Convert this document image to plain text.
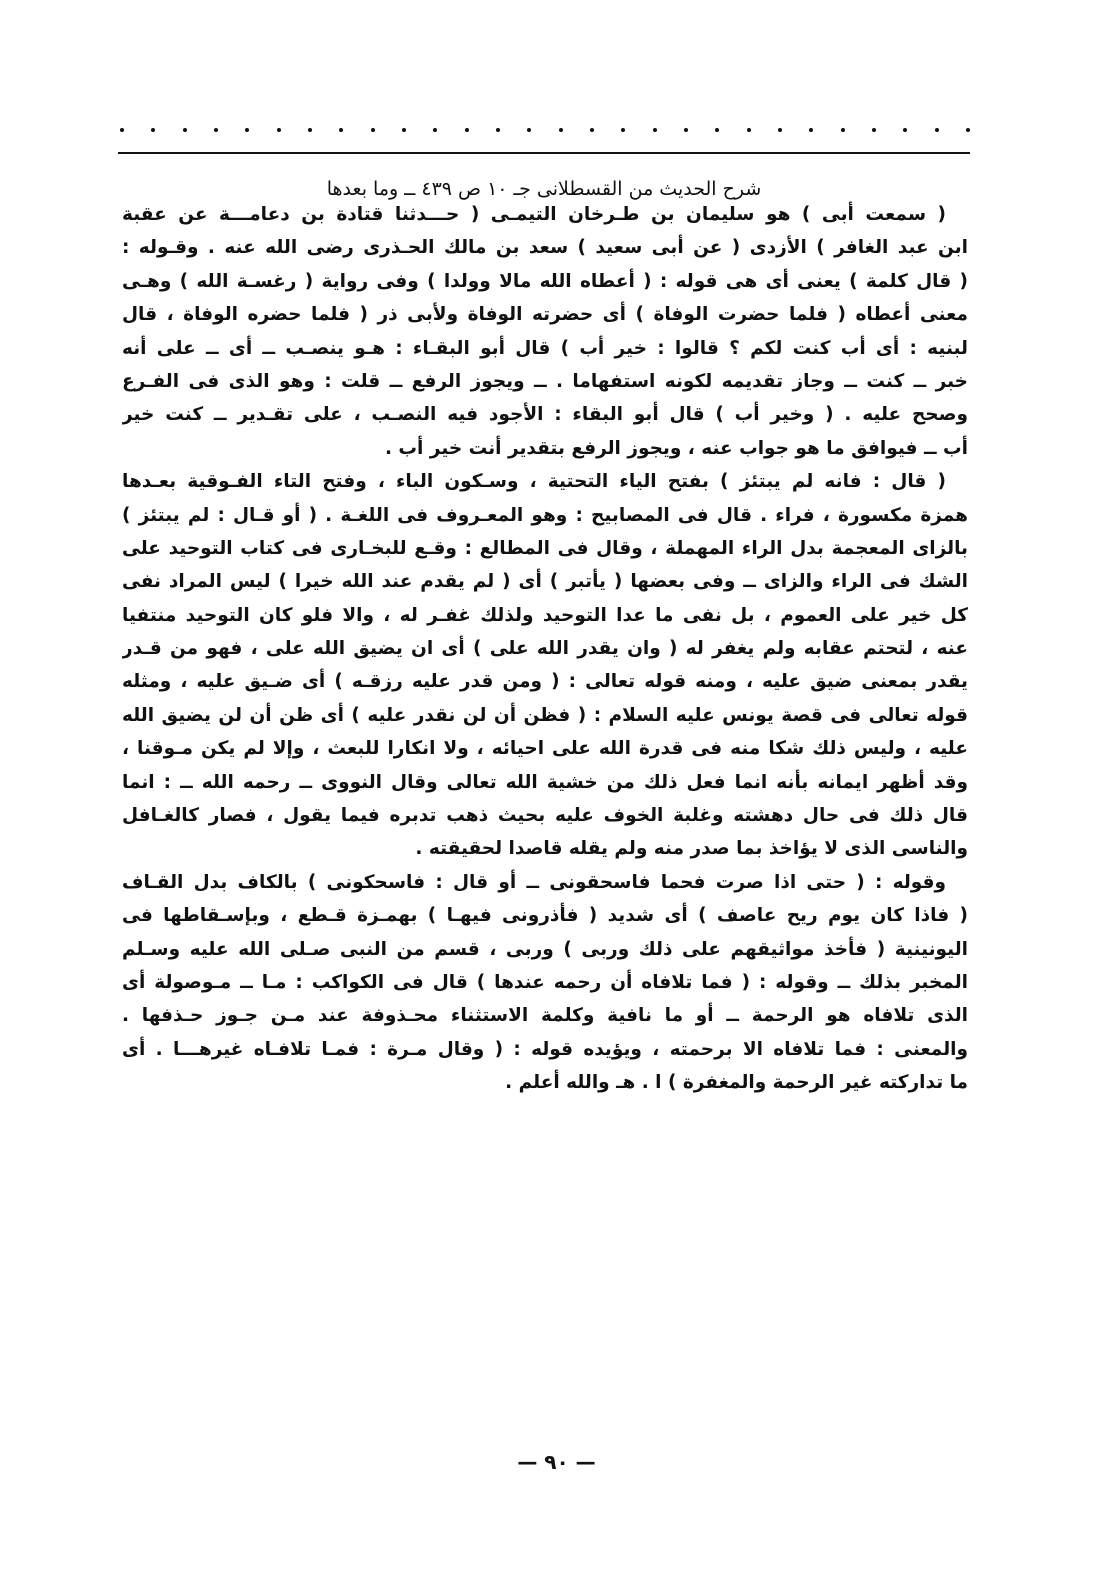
شرح الحديث من القسطلانى جـ ١٠ ص ٤٣٩ ــ وما بعدها
( سمعت أبى ) هو سليمان بن طـرخان التيمـى ( حـــدثنا قتادة بن دعامـــة عن عقبة
ابن عبد الغافر ) الأزدى ( عن أبى سعيد ) سعد بن مالك الحـذرى رضى الله عنه . وقـوله :
( قال كلمة ) يعنى أى هى قوله : ( أعطاه الله مالا وولدا ) وفى رواية ( رغسـة الله ) وهـى
معنى أعطاه ( فلما حضرت الوفاة ) أى حضرته الوفاة ولأبى ذر ( فلما حضره الوفاة ، قال
لبنيه : أى أب كنت لكم ؟ قالوا : خير أب ) قال أبو البقـاء : هـو ينصـب ــ أى ــ على أنه
خبر ــ كنت ــ وجاز تقديمه لكونه استفهاما . ــ ويجوز الرفع ــ قلت : وهو الذى فى الفـرع
وصحح عليه . ( وخير أب ) قال أبو البقاء : الأجود فيه النصـب ، على تقـدير ــ كنت خير
أب ــ فيوافق ما هو جواب عنه ، ويجوز الرفع بتقدير أنت خير أب .
( قال : فانه لم يبتئز ) بفتح الياء التحتية ، وسـكون الباء ، وفتح التاء الفـوقية بعـدها
همزة مكسورة ، فراء . قال فى المصابيح : وهو المعـروف فى اللغـة . ( أو قـال : لم يبتئز )
بالزاى المعجمة بدل الراء المهملة ، وقال فى المطالع : وقـع للبخـارى فى كتاب التوحيد على
الشك فى الراء والزاى ــ وفى بعضها ( يأتبر ) أى ( لم يقدم عند الله خيرا ) ليس المراد نفى
كل خير على العموم ، بل نفى ما عدا التوحيد ولذلك غفـر له ، والا فلو كان التوحيد منتفيا
عنه ، لتحتم عقابه ولم يغفر له ( وان يقدر الله على ) أى ان يضيق الله على ، فهو من قـدر
يقدر بمعنى ضيق عليه ، ومنه قوله تعالى : ( ومن قدر عليه رزقـه ) أى ضـيق عليه ، ومثله
قوله تعالى فى قصة يونس عليه السلام : ( فظن أن لن نقدر عليه ) أى ظن أن لن يضيق الله
عليه ، وليس ذلك شكا منه فى قدرة الله على احيائه ، ولا انكارا للبعث ، وإلا لم يكن مـوقنا ،
وقد أظهر ايمانه بأنه انما فعل ذلك من خشية الله تعالى وقال النووى ــ رحمه الله ــ : انما
قال ذلك فى حال دهشته وغلبة الخوف عليه بحيث ذهب تدبره فيما يقول ، فصار كالغـافل
والناسى الذى لا يؤاخذ بما صدر منه ولم يقله قاصدا لحقيقته .
وقوله : ( حتى اذا صرت فحما فاسحقونى ــ أو قال : فاسحكونى ) بالكاف بدل القـاف
( فاذا كان يوم ريح عاصف ) أى شديد ( فأذرونى فيهـا ) بهمـزة قـطع ، وبإسـقاطها فى
اليونينية ( فأخذ مواثيقهم على ذلك وربى ) وربى ، قسم من النبى صـلى الله عليه وسـلم
المخبر بذلك ــ وقوله : ( فما تلافاه أن رحمه عندها ) قال فى الكواكب : مـا ــ مـوصولة أى
الذى تلافاه هو الرحمة ــ أو ما نافية وكلمة الاستثناء محـذوفة عند مـن جـوز حـذفها .
والمعنى : فما تلافاه الا برحمته ، ويؤيده قوله : ( وقال مـرة : فمـا تلافـاه غيرهـــا . أى
ما تداركته غير الرحمة والمغفرة ) ا . هـ والله أعلم .
— ٩٠ —
